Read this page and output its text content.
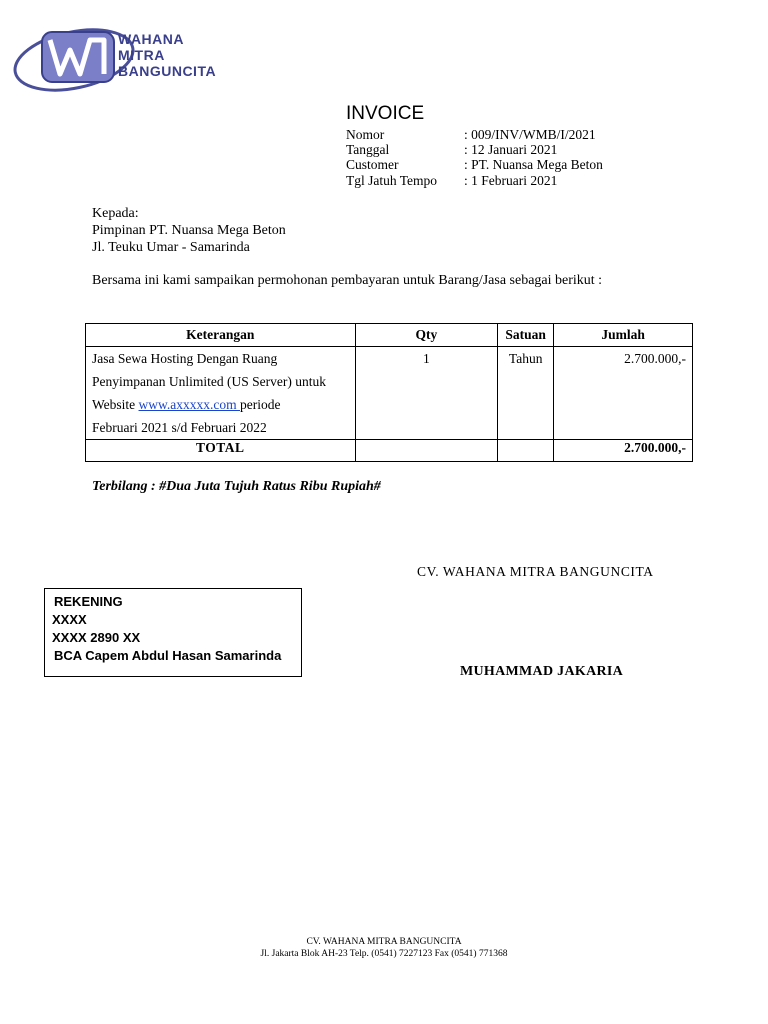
WAHANA
MITRA
BANGUNCITA
INVOICE
Nomor	: 009/INV/WMB/I/2021
Tanggal	: 12 Januari 2021
Customer	: PT. Nuansa Mega Beton
Tgl Jatuh Tempo : 1 Februari 2021
Kepada:
Pimpinan PT. Nuansa Mega Beton
Jl. Teuku Umar - Samarinda
Bersama ini kami sampaikan permohonan pembayaran untuk Barang/Jasa sebagai berikut :
Keterangan	Qty	Satuan	Jumlah

Jasa Sewa Hosting Dengan Ruang
Penyimpanan Unlimited (US Server) untuk
Website www.axxxxx.com periode
Februari 2021 s/d Februari 2022	1	Tahun	2.700.000,-
TOTAL			2.700.000,-
Terbilang : #Dua Juta Tujuh Ratus Ribu Rupiah#
CV. WAHANA MITRA BANGUNCITA
REKENING
XXXX
XXXX 2890 XX
BCA Capem Abdul Hasan Samarinda
MUHAMMAD JAKARIA
CV. WAHANA MITRA BANGUNCITA
Jl. Jakarta Blok AH-23 Telp. (0541) 7227123 Fax (0541) 771368
